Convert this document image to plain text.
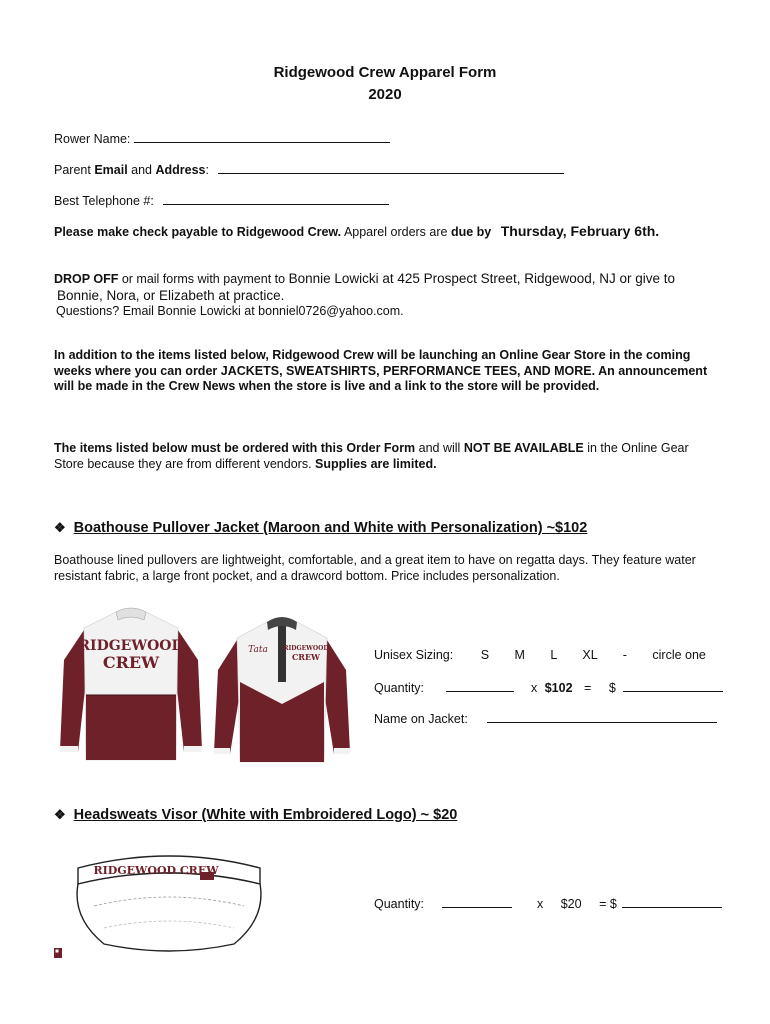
Ridgewood Crew Apparel Form
2020
Rower Name:
Parent Email and Address:
Best Telephone #:
Please make check payable to Ridgewood Crew. Apparel orders are due by Thursday, February 6th.
DROP OFF or mail forms with payment to Bonnie Lowicki at 425 Prospect Street, Ridgewood, NJ or give to
Bonnie, Nora, or Elizabeth at practice.
Questions? Email Bonnie Lowicki at bonniel0726@yahoo.com.
In addition to the items listed below, Ridgewood Crew will be launching an Online Gear Store in the coming weeks where you can order JACKETS, SWEATSHIRTS, PERFORMANCE TEES, AND MORE. An announcement will be made in the Crew News when the store is live and a link to the store will be provided.
The items listed below must be ordered with this Order Form and will NOT BE AVAILABLE in the Online Gear Store because they are from different vendors. Supplies are limited.
❖ Boathouse Pullover Jacket (Maroon and White with Personalization) ~$102
Boathouse lined pullovers are lightweight, comfortable, and a great item to have on regatta days. They feature water resistant fabric, a large front pocket, and a drawcord bottom. Price includes personalization.
RIDGEWOOD
CREW
Tata	RIDGEWOOD
CREW	Unisex Sizing: S M L XL - circle one
Quantity:	x $102 = $
Name on Jacket:
❖ Headsweats Visor (White with Embroidered Logo) ~ $20
RIDGEWOOD CREW
Quantity:	x $20 = $
